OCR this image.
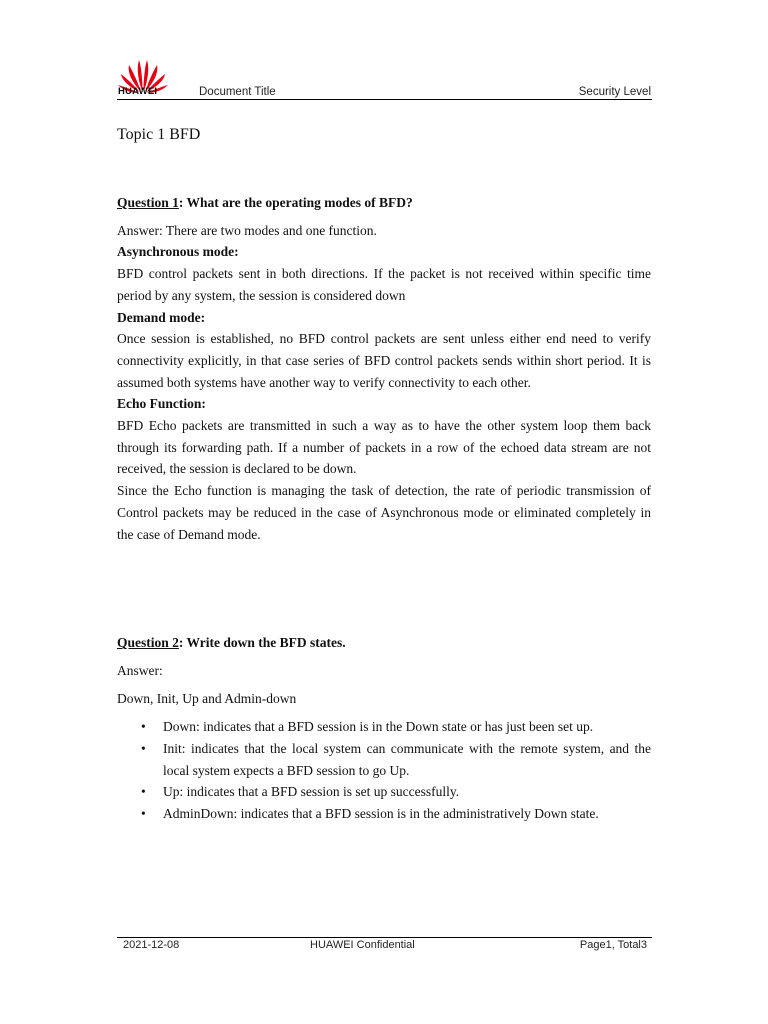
HUAWEI	Document Title	Security Level
Topic 1 BFD

Question 1: What are the operating modes of BFD?

Answer: There are two modes and one function.

Asynchronous mode:

BFD control packets sent in both directions. If the packet is not received within specific time period by any system, the session is considered down

Demand mode:

Once session is established, no BFD control packets are sent unless either end need to verify connectivity explicitly, in that case series of BFD control packets sends within short period. It is assumed both systems have another way to verify connectivity to each other.

Echo Function:

BFD Echo packets are transmitted in such a way as to have the other system loop them back through its forwarding path. If a number of packets in a row of the echoed data stream are not received, the session is declared to be down.

Since the Echo function is managing the task of detection, the rate of periodic transmission of Control packets may be reduced in the case of Asynchronous mode or eliminated completely in the case of Demand mode.

Question 2: Write down the BFD states.

Answer:

Down, Init, Up and Admin-down

• Down: indicates that a BFD session is in the Down state or has just been set up.
• Init: indicates that the local system can communicate with the remote system, and the local system expects a BFD session to go Up.
• Up: indicates that a BFD session is set up successfully.
• AdminDown: indicates that a BFD session is in the administratively Down state.
2021-12-08	HUAWEI Confidential	Page1, Total3
